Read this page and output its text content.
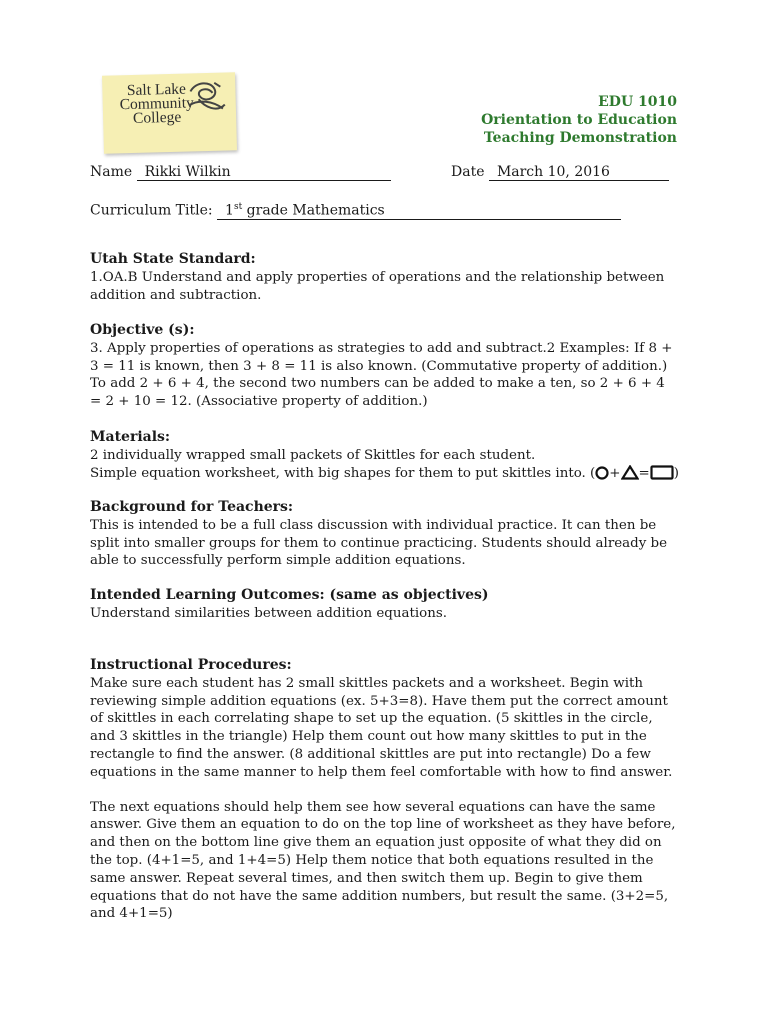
Salt Lake
Community
College
EDU 1010
Orientation to Education
Teaching Demonstration
Name Rikki Wilkin	Date March 10, 2016
Curriculum Title: 1st grade Mathematics
Utah State Standard:

1.OA.B Understand and apply properties of operations and the relationship between addition and subtraction.

Objective (s):

3. Apply properties of operations as strategies to add and subtract.2 Examples: If 8 + 3 = 11 is known, then 3 + 8 = 11 is also known. (Commutative property of addition.) To add 2 + 6 + 4, the second two numbers can be added to make a ten, so 2 + 6 + 4 = 2 + 10 = 12. (Associative property of addition.)

Materials:

2 individually wrapped small packets of Skittles for each student.

Simple equation worksheet, with big shapes for them to put skittles into. ( + = )

Background for Teachers:

This is intended to be a full class discussion with individual practice. It can then be split into smaller groups for them to continue practicing. Students should already be able to successfully perform simple addition equations.

Intended Learning Outcomes: (same as objectives)

Understand similarities between addition equations.

Instructional Procedures:

Make sure each student has 2 small skittles packets and a worksheet. Begin with reviewing simple addition equations (ex. 5+3=8). Have them put the correct amount of skittles in each correlating shape to set up the equation. (5 skittles in the circle, and 3 skittles in the triangle) Help them count out how many skittles to put in the rectangle to find the answer. (8 additional skittles are put into rectangle) Do a few equations in the same manner to help them feel comfortable with how to find answer.

The next equations should help them see how several equations can have the same answer. Give them an equation to do on the top line of worksheet as they have before, and then on the bottom line give them an equation just opposite of what they did on the top. (4+1=5, and 1+4=5) Help them notice that both equations resulted in the same answer. Repeat several times, and then switch them up. Begin to give them equations that do not have the same addition numbers, but result the same. (3+2=5, and 4+1=5)
